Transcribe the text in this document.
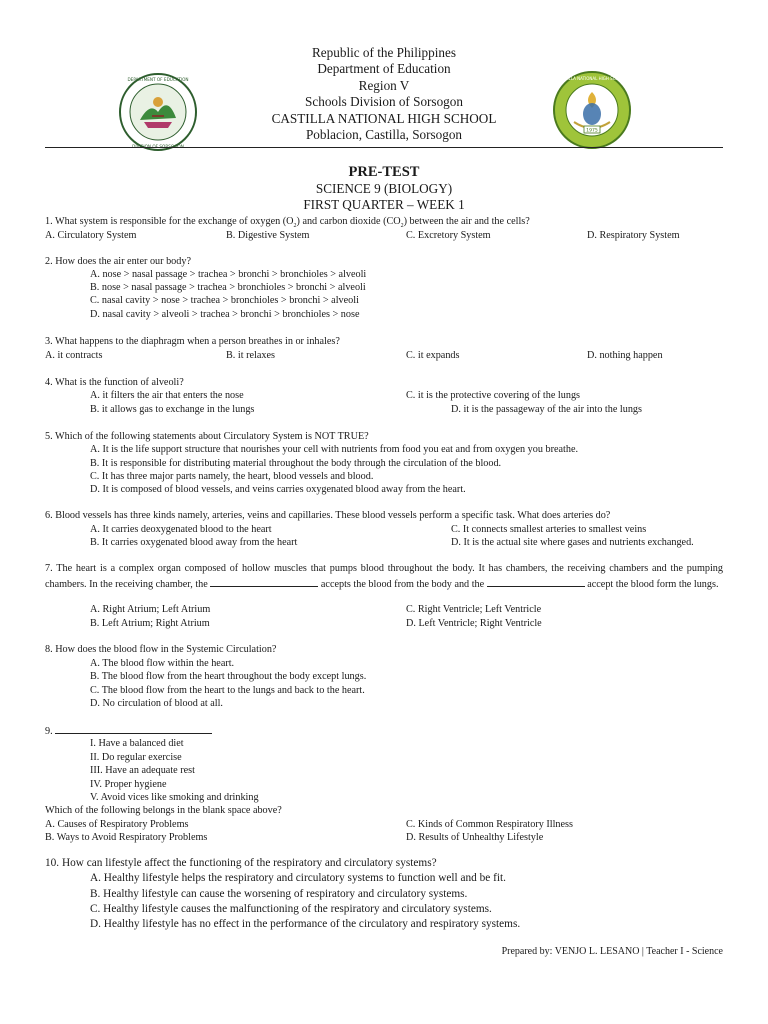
Republic of the Philippines
Department of Education
Region V
Schools Division of Sorsogon
CASTILLA NATIONAL HIGH SCHOOL
Poblacion, Castilla, Sorsogon
DEPARTMENT OF EDUCATION
DIVISION OF SORSOGON
1975
CASTILLA NATIONAL HIGH SCHOOL
PRE-TEST
SCIENCE 9 (BIOLOGY)
FIRST QUARTER – WEEK 1
1. What system is responsible for the exchange of oxygen $(O_2)$ and carbon dioxide $(CO_2)$ between the air and the cells?
A. Circulatory System	B. Digestive System	C. Excretory System	D. Respiratory System
2. How does the air enter our body?
A. nose > nasal passage > trachea > bronchi > bronchioles > alveoli
B. nose > nasal passage > trachea > bronchioles > bronchi > alveoli
C. nasal cavity > nose > trachea > bronchioles > bronchi > alveoli
D. nasal cavity > alveoli > trachea > bronchi > bronchioles > nose
3. What happens to the diaphragm when a person breathes in or inhales?
A. it contracts	B. it relaxes	C. it expands	D. nothing happen
4. What is the function of alveoli?
A. it filters the air that enters the nose	C. it is the protective covering of the lungs
B. it allows gas to exchange in the lungs	D. it is the passageway of the air into the lungs
5. Which of the following statements about Circulatory System is NOT TRUE?
A. It is the life support structure that nourishes your cell with nutrients from food you eat and from oxygen you breathe.
B. It is responsible for distributing material throughout the body through the circulation of the blood.
C. It has three major parts namely, the heart, blood vessels and blood.
D. It is composed of blood vessels, and veins carries oxygenated blood away from the heart.
6. Blood vessels has three kinds namely, arteries, veins and capillaries. These blood vessels perform a specific task. What does arteries do?
A. It carries deoxygenated blood to the heart	C. It connects smallest arteries to smallest veins
B. It carries oxygenated blood away from the heart	D. It is the actual site where gases and nutrients exchanged.
7. The heart is a complex organ composed of hollow muscles that pumps blood throughout the body. It has chambers, the receiving chambers and the pumping chambers. In the receiving chamber, the	accepts the blood from the body and the	accept the blood form the lungs.
A. Right Atrium; Left Atrium	C. Right Ventricle; Left Ventricle
B. Left Atrium; Right Atrium	D. Left Ventricle; Right Ventricle
8. How does the blood flow in the Systemic Circulation?
A. The blood flow within the heart.
B. The blood flow from the heart throughout the body except lungs.
C. The blood flow from the heart to the lungs and back to the heart.
D. No circulation of blood at all.
9.
I. Have a balanced diet
II. Do regular exercise
III. Have an adequate rest
IV. Proper hygiene
V. Avoid vices like smoking and drinking
Which of the following belongs in the blank space above?
A. Causes of Respiratory Problems	C. Kinds of Common Respiratory Illness
B. Ways to Avoid Respiratory Problems	D. Results of Unhealthy Lifestyle
10. How can lifestyle affect the functioning of the respiratory and circulatory systems?
A. Healthy lifestyle helps the respiratory and circulatory systems to function well and be fit.
B. Healthy lifestyle can cause the worsening of respiratory and circulatory systems.
C. Healthy lifestyle causes the malfunctioning of the respiratory and circulatory systems.
D. Healthy lifestyle has no effect in the performance of the circulatory and respiratory systems.
Prepared by: VENJO L. LESANO | Teacher I - Science
